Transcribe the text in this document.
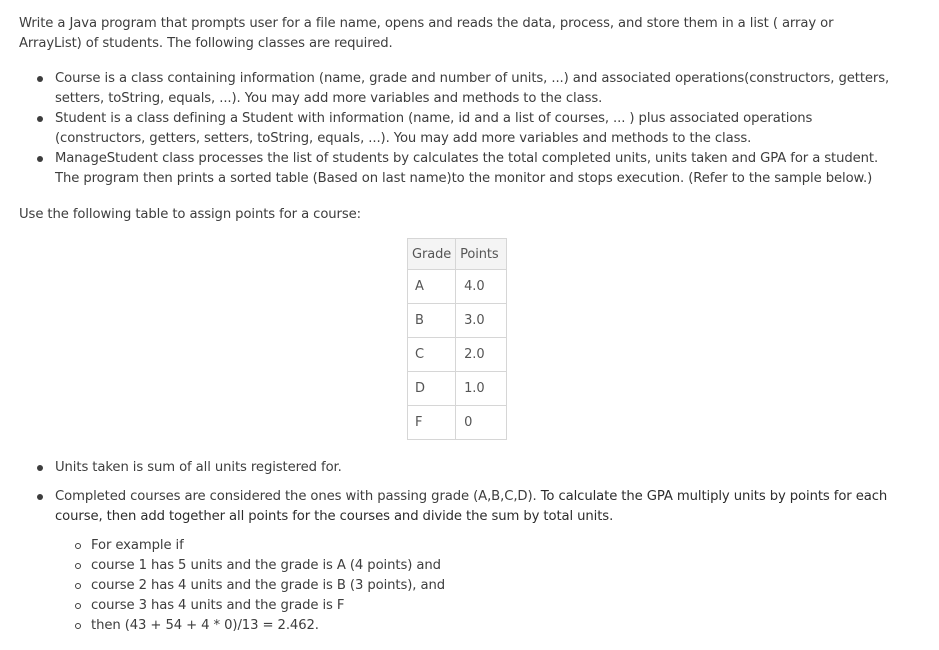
Write a Java program that prompts user for a file name, opens and reads the data, process, and store them in a list ( array or ArrayList) of students. The following classes are required.

Course is a class containing information (name, grade and number of units, ...) and associated operations(constructors, getters, setters, toString, equals, ...). You may add more variables and methods to the class.
Student is a class defining a Student with information (name, id and a list of courses, ... ) plus associated operations (constructors, getters, setters, toString, equals, ...). You may add more variables and methods to the class.
ManageStudent class processes the list of students by calculates the total completed units, units taken and GPA for a student. The program then prints a sorted table (Based on last name)to the monitor and stops execution. (Refer to the sample below.)

Use the following table to assign points for a course:

Grade	Points
A	4.0
B	3.0
C	2.0
D	1.0
F	0
Units taken is sum of all units registered for.
Completed courses are considered the ones with passing grade (A,B,C,D). To calculate the GPA multiply units by points for each course, then add together all points for the courses and divide the sum by total units.
For example if
course 1 has 5 units and the grade is A (4 points) and
course 2 has 4 units and the grade is B (3 points), and
course 3 has 4 units and the grade is F
then (43 + 54 + 4 * 0)/13 = 2.462.
